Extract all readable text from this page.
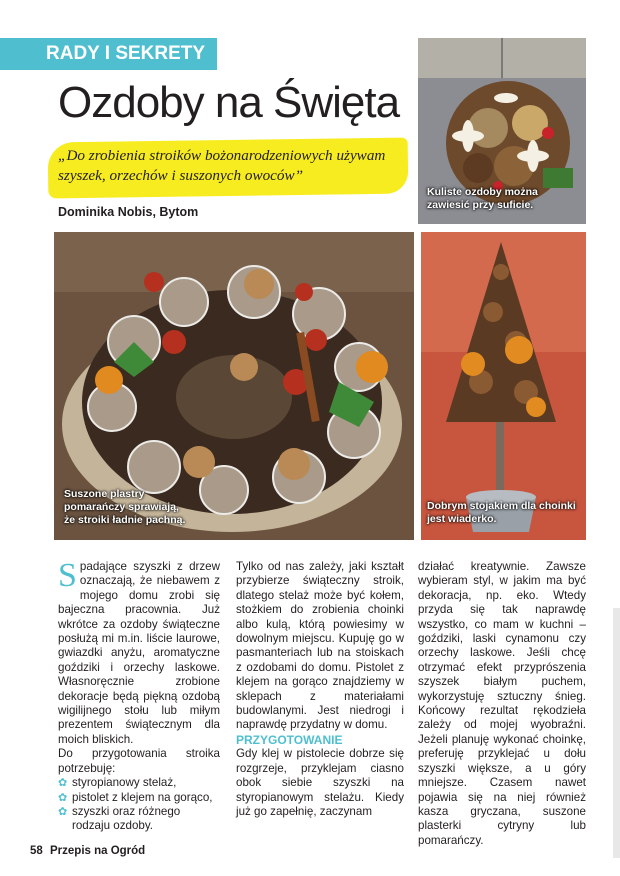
RADY I SEKRETY
Ozdoby na Święta
„Do zrobienia stroików bożonarodzeniowych używam szyszek, orzechów i suszonych owoców”
Dominika Nobis, Bytom
Kuliste ozdoby można zawiesić przy suficie.
Suszone plastry pomarańczy sprawiają, że stroiki ładnie pachną.
Dobrym stojakiem dla choinki jest wiaderko.

Spadające szyszki z drzew oznaczają, że niebawem z mojego domu zrobi się bajeczna pracownia. Już wkrótce za ozdoby świąteczne posłużą mi m.in. liście laurowe, gwiazdki anyżu, aromatyczne goździki i orzechy laskowe. Własnoręcznie zrobione dekoracje będą piękną ozdobą wigilijnego stołu lub miłym prezentem świątecznym dla moich bliskich.

Do przygotowania stroika potrzebuję:

✿ styropianowy stelaż,
✿ pistolet z klejem na gorąco,
✿ szyszki oraz różnego rodzaju ozdoby.

Tylko od nas zależy, jaki kształt przybierze świąteczny stroik, dlatego stelaż może być kołem, stożkiem do zrobienia choinki albo kulą, którą powiesimy w dowolnym miejscu. Kupuję go w pasmanteriach lub na stoiskach z ozdobami do domu. Pistolet z klejem na gorąco znajdziemy w sklepach z materiałami budowlanymi. Jest niedrogi i naprawdę przydatny w domu.

PRZYGOTOWANIE

Gdy klej w pistolecie dobrze się rozgrzeje, przyklejam ciasno obok siebie szyszki na styropianowym stelażu. Kiedy już go zapełnię, zaczynam

działać kreatywnie. Zawsze wybieram styl, w jakim ma być dekoracja, np. eko. Wtedy przyda się tak naprawdę wszystko, co mam w kuchni – goździki, laski cynamonu czy orzechy laskowe. Jeśli chcę otrzymać efekt przyprószenia szyszek białym puchem, wykorzystuję sztuczny śnieg. Końcowy rezultat rękodzieła zależy od mojej wyobraźni. Jeżeli planuję wykonać choinkę, preferuję przyklejać u dołu szyszki większe, a u góry mniejsze. Czasem nawet pojawia się na niej również kasza gryczana, suszone plasterki cytryny lub pomarańczy.

58 Przepis na Ogród
